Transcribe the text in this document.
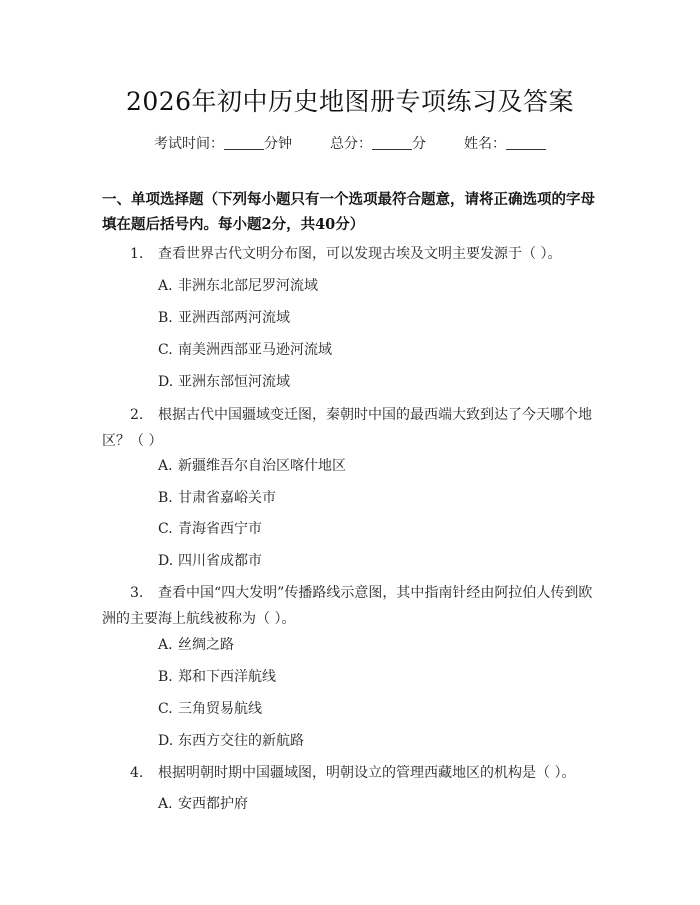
2026年初中历史地图册专项练习及答案
考试时间：	分钟	总分：	分	姓名：
一、单项选择题（下列每小题只有一个选项最符合题意，请将正确选项的字母填在题后括号内。每小题2分，共40分）
1. 查看世界古代文明分布图，可以发现古埃及文明主要发源于（ ）。
A. 非洲东北部尼罗河流域
B. 亚洲西部两河流域
C. 南美洲西部亚马逊河流域
D. 亚洲东部恒河流域
2. 根据古代中国疆域变迁图，秦朝时中国的最西端大致到达了今天哪个地区？（ ）
A. 新疆维吾尔自治区喀什地区
B. 甘肃省嘉峪关市
C. 青海省西宁市
D. 四川省成都市
3. 查看中国“四大发明”传播路线示意图，其中指南针经由阿拉伯人传到欧洲的主要海上航线被称为（ ）。
A. 丝绸之路
B. 郑和下西洋航线
C. 三角贸易航线
D. 东西方交往的新航路
4. 根据明朝时期中国疆域图，明朝设立的管理西藏地区的机构是（ ）。
A. 安西都护府
